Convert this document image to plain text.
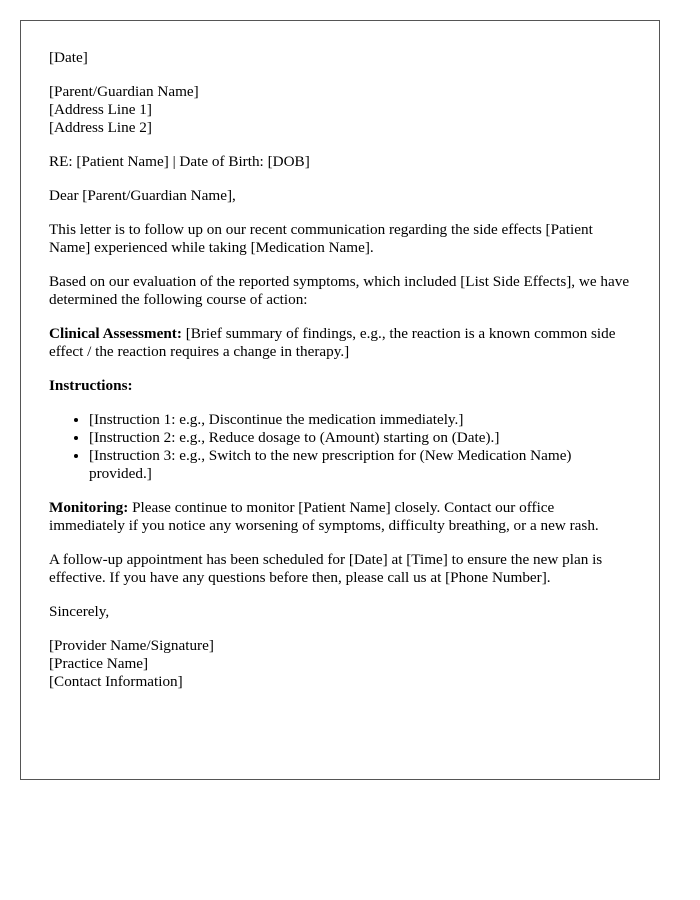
[Date]

[Parent/Guardian Name]
[Address Line 1]
[Address Line 2]

RE: [Patient Name] | Date of Birth: [DOB]

Dear [Parent/Guardian Name],

This letter is to follow up on our recent communication regarding the side effects [Patient Name] experienced while taking [Medication Name].

Based on our evaluation of the reported symptoms, which included [List Side Effects], we have determined the following course of action:

Clinical Assessment: [Brief summary of findings, e.g., the reaction is a known common side effect / the reaction requires a change in therapy.]

Instructions:

• [Instruction 1: e.g., Discontinue the medication immediately.]
• [Instruction 2: e.g., Reduce dosage to (Amount) starting on (Date).]
• [Instruction 3: e.g., Switch to the new prescription for (New Medication Name) provided.]

Monitoring: Please continue to monitor [Patient Name] closely. Contact our office immediately if you notice any worsening of symptoms, difficulty breathing, or a new rash.

A follow-up appointment has been scheduled for [Date] at [Time] to ensure the new plan is effective. If you have any questions before then, please call us at [Phone Number].

Sincerely,

[Provider Name/Signature]
[Practice Name]
[Contact Information]
